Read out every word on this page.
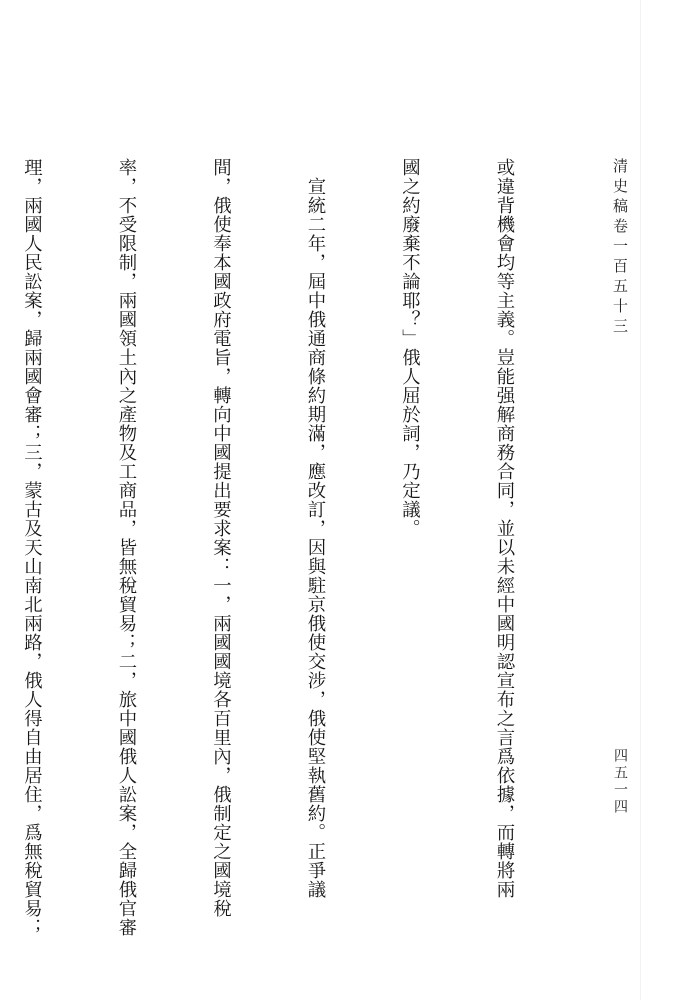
清史稿卷一百五十三
四五一四

或違背機會均等主義。豈能强解商務合同，並以未經中國明認宣布之言爲依據，而轉將兩

國之約廢棄不論耶？」俄人屈於詞，乃定議。

　宣統二年，屆中俄通商條約期滿，應改訂，因與駐京俄使交涉，俄使堅執舊約。正爭議

間，俄使奉本國政府電旨，轉向中國提出要求案：一，兩國國境各百里內，俄制定之國境稅

率，不受限制，兩國領土內之產物及工商品，皆無稅貿易；二，旅中國俄人訟案，全歸俄官審

理，兩國人民訟案，歸兩國會審；三，蒙古及天山南北兩路，俄人得自由居住，爲無稅貿易；
